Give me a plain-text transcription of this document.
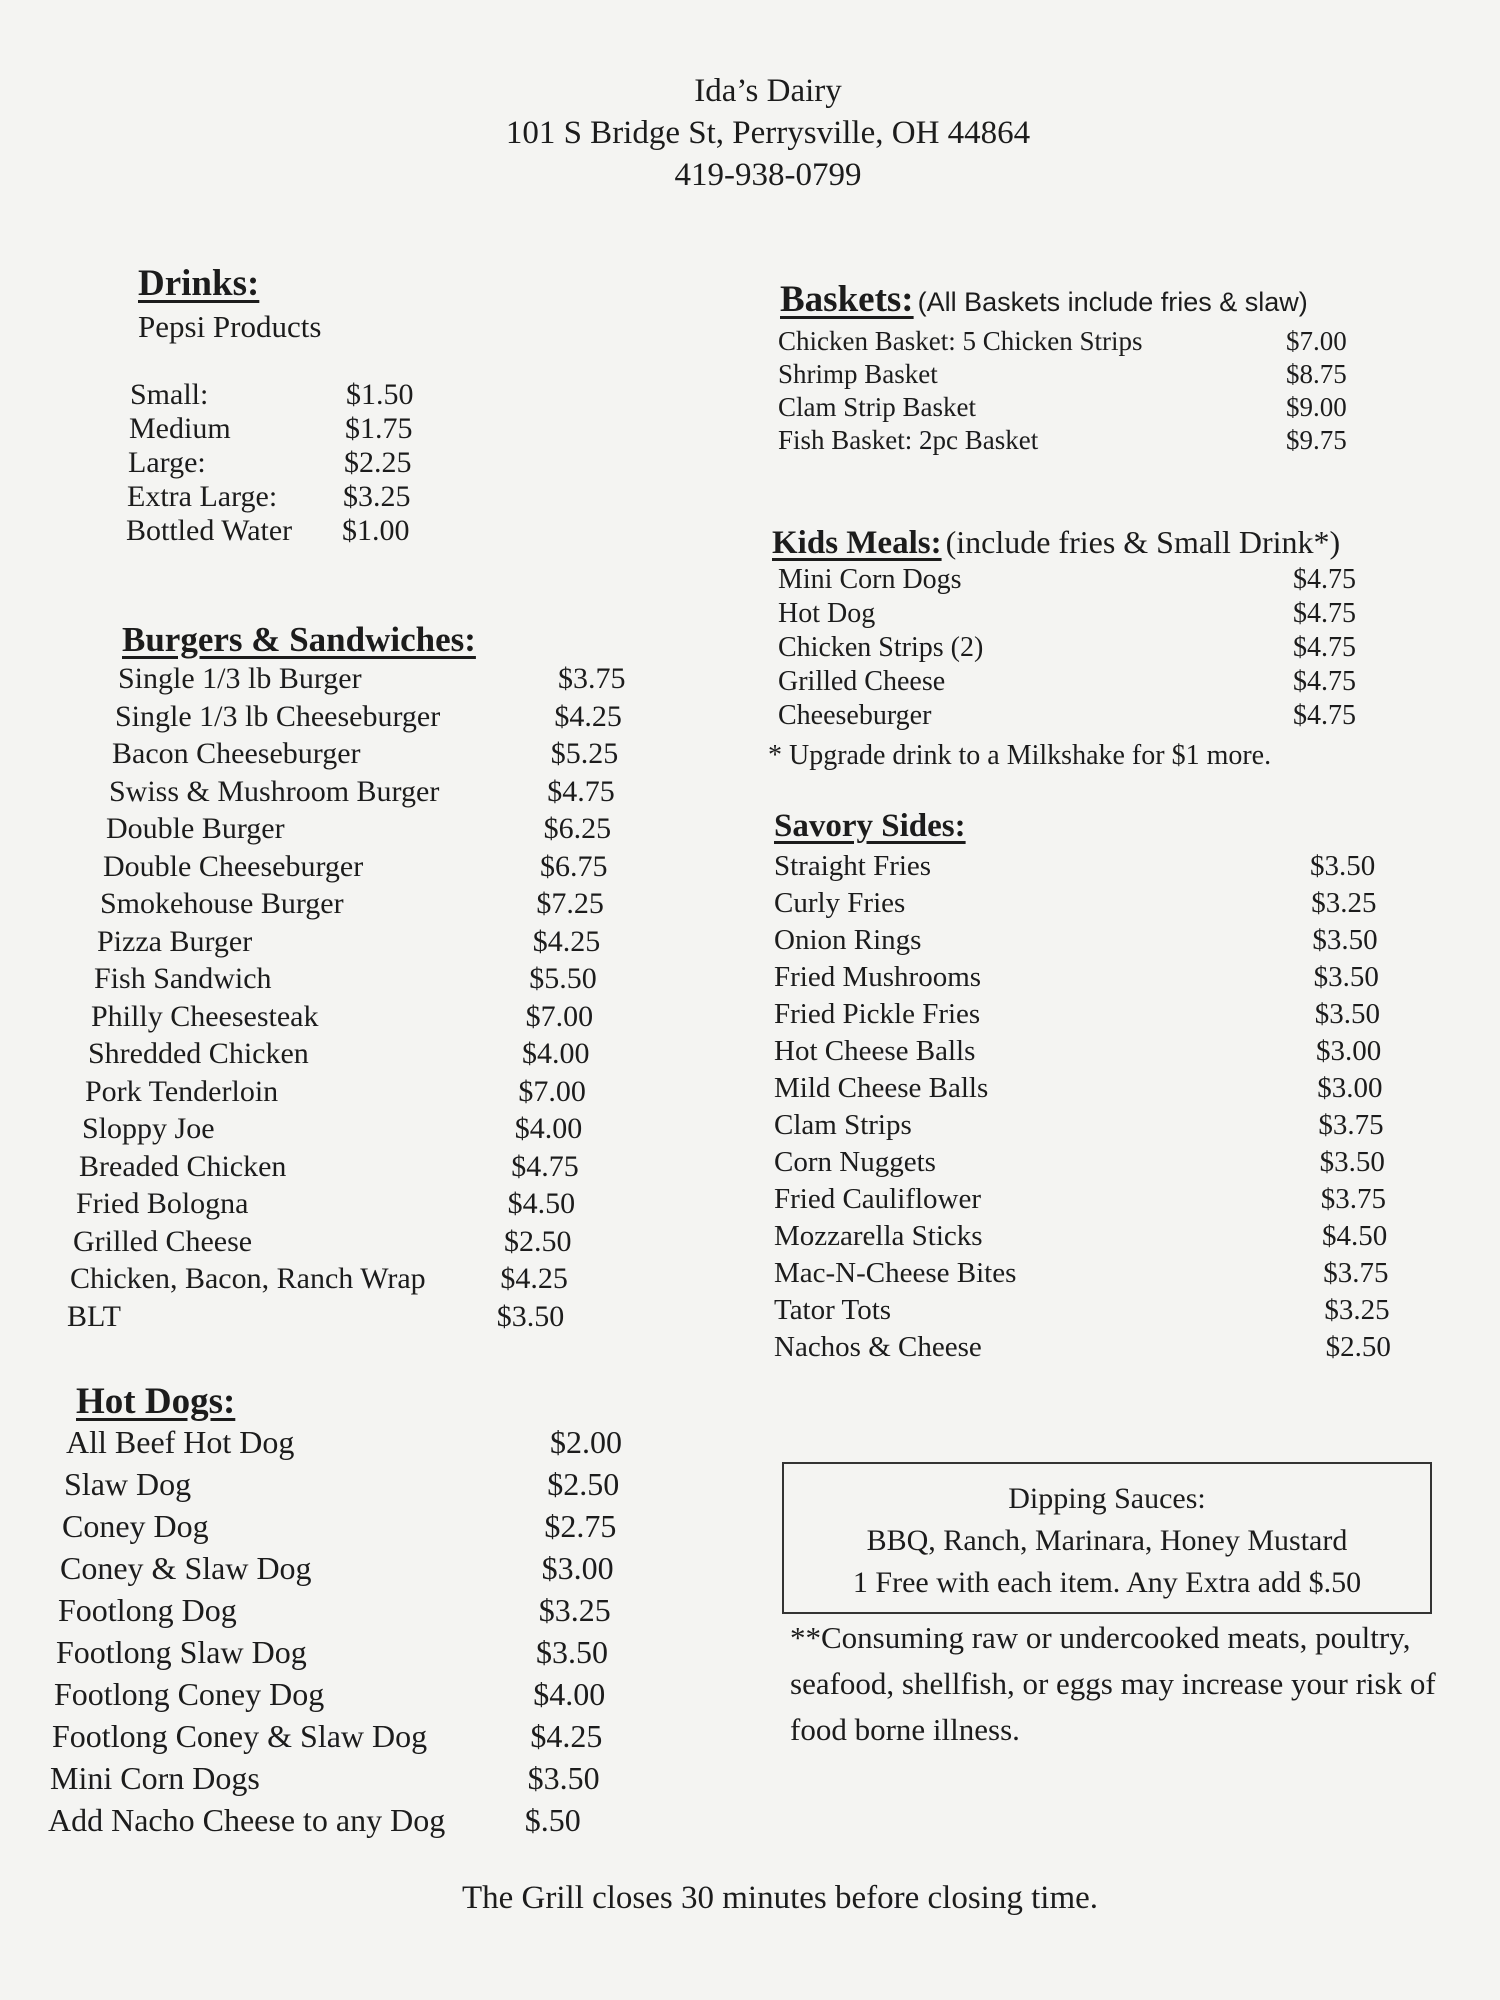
Ida’s Dairy
101 S Bridge St, Perrysville, OH 44864
419-938-0799
Drinks:
Pepsi Products
Small:	$1.50
Medium	$1.75
Large:	$2.25
Extra Large: $3.25
Bottled Water $1.00
Burgers & Sandwiches:
Single 1/3 lb Burger	$3.75
Single 1/3 lb Cheeseburger	$4.25
Bacon Cheeseburger	$5.25
Swiss & Mushroom Burger	$4.75
Double Burger	$6.25
Double Cheeseburger	$6.75
Smokehouse Burger	$7.25
Pizza Burger	$4.25
Fish Sandwich	$5.50
Philly Cheesesteak	$7.00
Shredded Chicken	$4.00
Pork Tenderloin	$7.00
Sloppy Joe	$4.00
Breaded Chicken	$4.75
Fried Bologna	$4.50
Grilled Cheese	$2.50
Chicken, Bacon, Ranch Wrap $4.25
BLT	$3.50
Hot Dogs:
All Beef Hot Dog	$2.00
Slaw Dog	$2.50
Coney Dog	$2.75
Coney & Slaw Dog	$3.00
Footlong Dog	$3.25
Footlong Slaw Dog	$3.50
Footlong Coney Dog	$4.00
Footlong Coney & Slaw Dog	$4.25
Mini Corn Dogs	$3.50
Add Nacho Cheese to any Dog $.50
Baskets: (All Baskets include fries & slaw)
Chicken Basket: 5 Chicken Strips	$7.00
Shrimp Basket	$8.75
Clam Strip Basket	$9.00
Fish Basket: 2pc Basket	$9.75
Kids Meals: (include fries & Small Drink*)
Mini Corn Dogs	$4.75
Hot Dog	$4.75
Chicken Strips (2)	$4.75
Grilled Cheese	$4.75
Cheeseburger	$4.75
* Upgrade drink to a Milkshake for $1 more.
Savory Sides:
Straight Fries	$3.50
Curly Fries	$3.25
Onion Rings	$3.50
Fried Mushrooms	$3.50
Fried Pickle Fries	$3.50
Hot Cheese Balls	$3.00
Mild Cheese Balls	$3.00
Clam Strips	$3.75
Corn Nuggets	$3.50
Fried Cauliflower	$3.75
Mozzarella Sticks	$4.50
Mac-N-Cheese Bites	$3.75
Tator Tots	$3.25
Nachos & Cheese	$2.50
Dipping Sauces:
BBQ, Ranch, Marinara, Honey Mustard
1 Free with each item. Any Extra add $.50
**Consuming raw or undercooked meats, poultry, seafood, shellfish, or eggs may increase your risk of food borne illness.
The Grill closes 30 minutes before closing time.
